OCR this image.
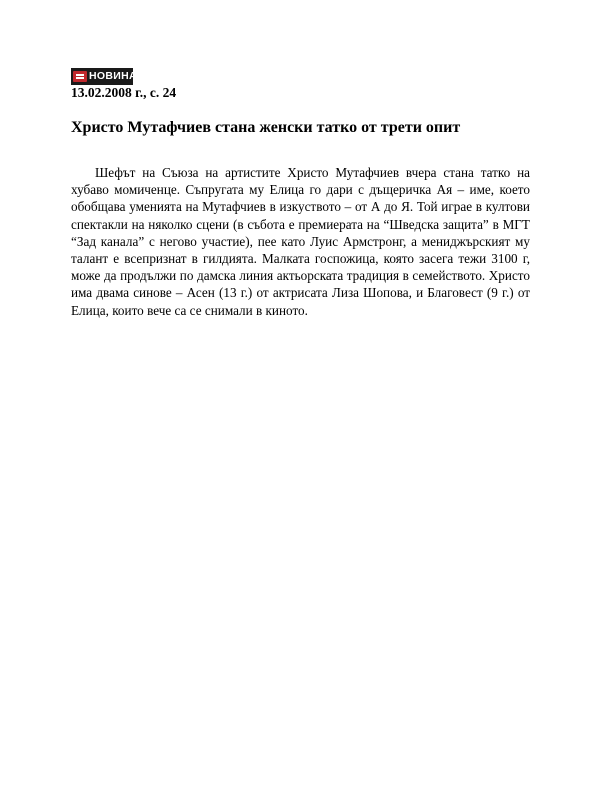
НОВИНАР
13.02.2008 г., с. 24
Христо Мутафчиев стана женски татко от трети опит

Шефът на Съюза на артистите Христо Мутафчиев вчера стана татко на хубаво момиченце. Съпругата му Елица го дари с дъщеричка Ая – име, което обобщава уменията на Мутафчиев в изкуството – от А до Я. Той играе в култови спектакли на няколко сцени (в събота е премиерата на “Шведска защита” в МГТ “Зад канала” с негово участие), пее като Луис Армстронг, а мениджърският му талант е всепризнат в гилдията. Малката госпожица, която засега тежи 3100 г, може да продължи по дамска линия актьорската традиция в семейството. Христо има двама синове – Асен (13 г.) от актрисата Лиза Шопова, и Благовест (9 г.) от Елица, които вече са се снимали в киното.
